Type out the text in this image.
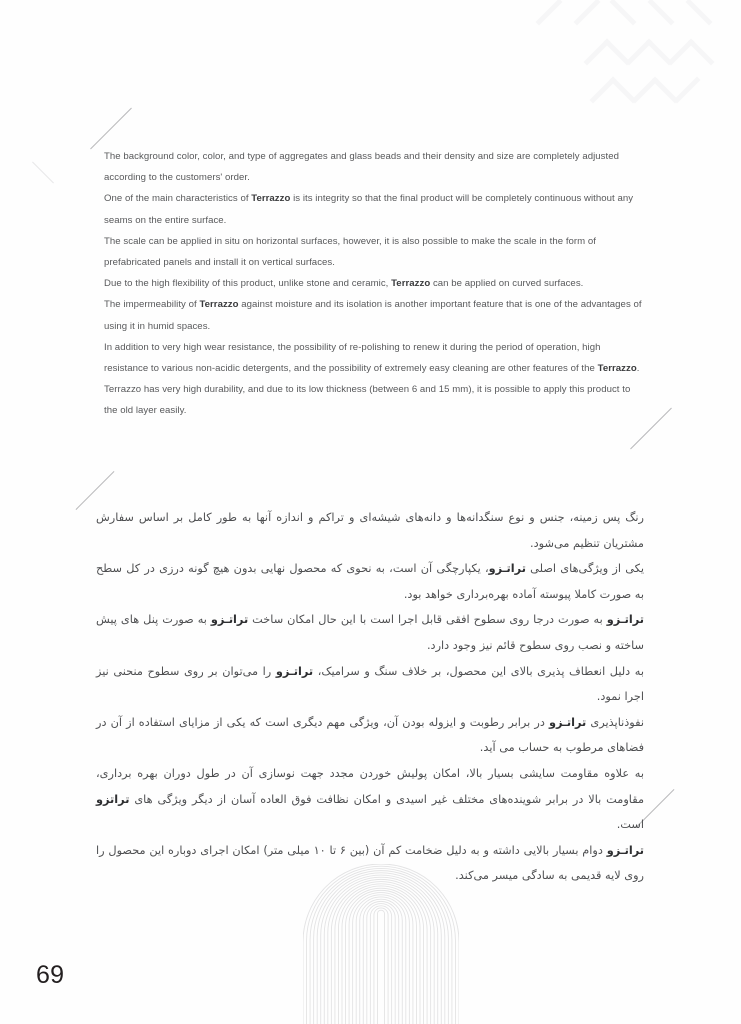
The background color, color, and type of aggregates and glass beads and their density and size are completely adjusted according to the customers' order.

One of the main characteristics of Terrazzo is its integrity so that the final product will be completely continuous without any seams on the entire surface.

The scale can be applied in situ on horizontal surfaces, however, it is also possible to make the scale in the form of prefabricated panels and install it on vertical surfaces.

Due to the high flexibility of this product, unlike stone and ceramic, Terrazzo can be applied on curved surfaces.

The impermeability of Terrazzo against moisture and its isolation is another important feature that is one of the advantages of using it in humid spaces.

In addition to very high wear resistance, the possibility of re-polishing to renew it during the period of operation, high resistance to various non-acidic detergents, and the possibility of extremely easy cleaning are other features of the Terrazzo.

Terrazzo has very high durability, and due to its low thickness (between 6 and 15 mm), it is possible to apply this product to the old layer easily.

رنگ پس زمینه، جنس و نوع سنگدانه‌ها و دانه‌های شیشه‌ای و تراکم و اندازه آنها به طور کامل بر اساس سفارش مشتریان تنظیم می‌شود.

یکی از ویژگی‌های اصلی تراتـزو، یکپارچگی آن است، به نحوی که محصول نهایی بدون هیچ گونه درزی در کل سطح به صورت کاملا پیوسته آماده بهره‌برداری خواهد بود.

تراتـزو به صورت درجا روی سطوح افقی قابل اجرا است با این حال امکان ساخت تراتـزو به صورت پنل های پیش ساخته و نصب روی سطوح قائم نیز وجود دارد.

به دلیل انعطاف پذیری بالای این محصول، بر خلاف سنگ و سرامیک، تراتـزو را می‌توان بر روی سطوح منحنی نیز اجرا نمود.

نفوذناپذیری تراتـزو در برابر رطوبت و ایزوله بودن آن، ویژگی مهم دیگری است که یکی از مزایای استفاده از آن در فضاهای مرطوب به حساب می آید.

به علاوه مقاومت سایشی بسیار بالا، امکان پولیش خوردن مجدد جهت نوسازی آن در طول دوران بهره برداری، مقاومت بالا در برابر شوینده‌های مختلف غیر اسیدی و امکان نظافت فوق العاده آسان از دیگر ویژگی های تراتزو است.

تراتـزو دوام بسیار بالایی داشته و به دلیل ضخامت کم آن (بین ۶ تا ۱۰ میلی متر) امکان اجرای دوباره این محصول را روی لایه قدیمی به سادگی میسر می‌کند.

69
